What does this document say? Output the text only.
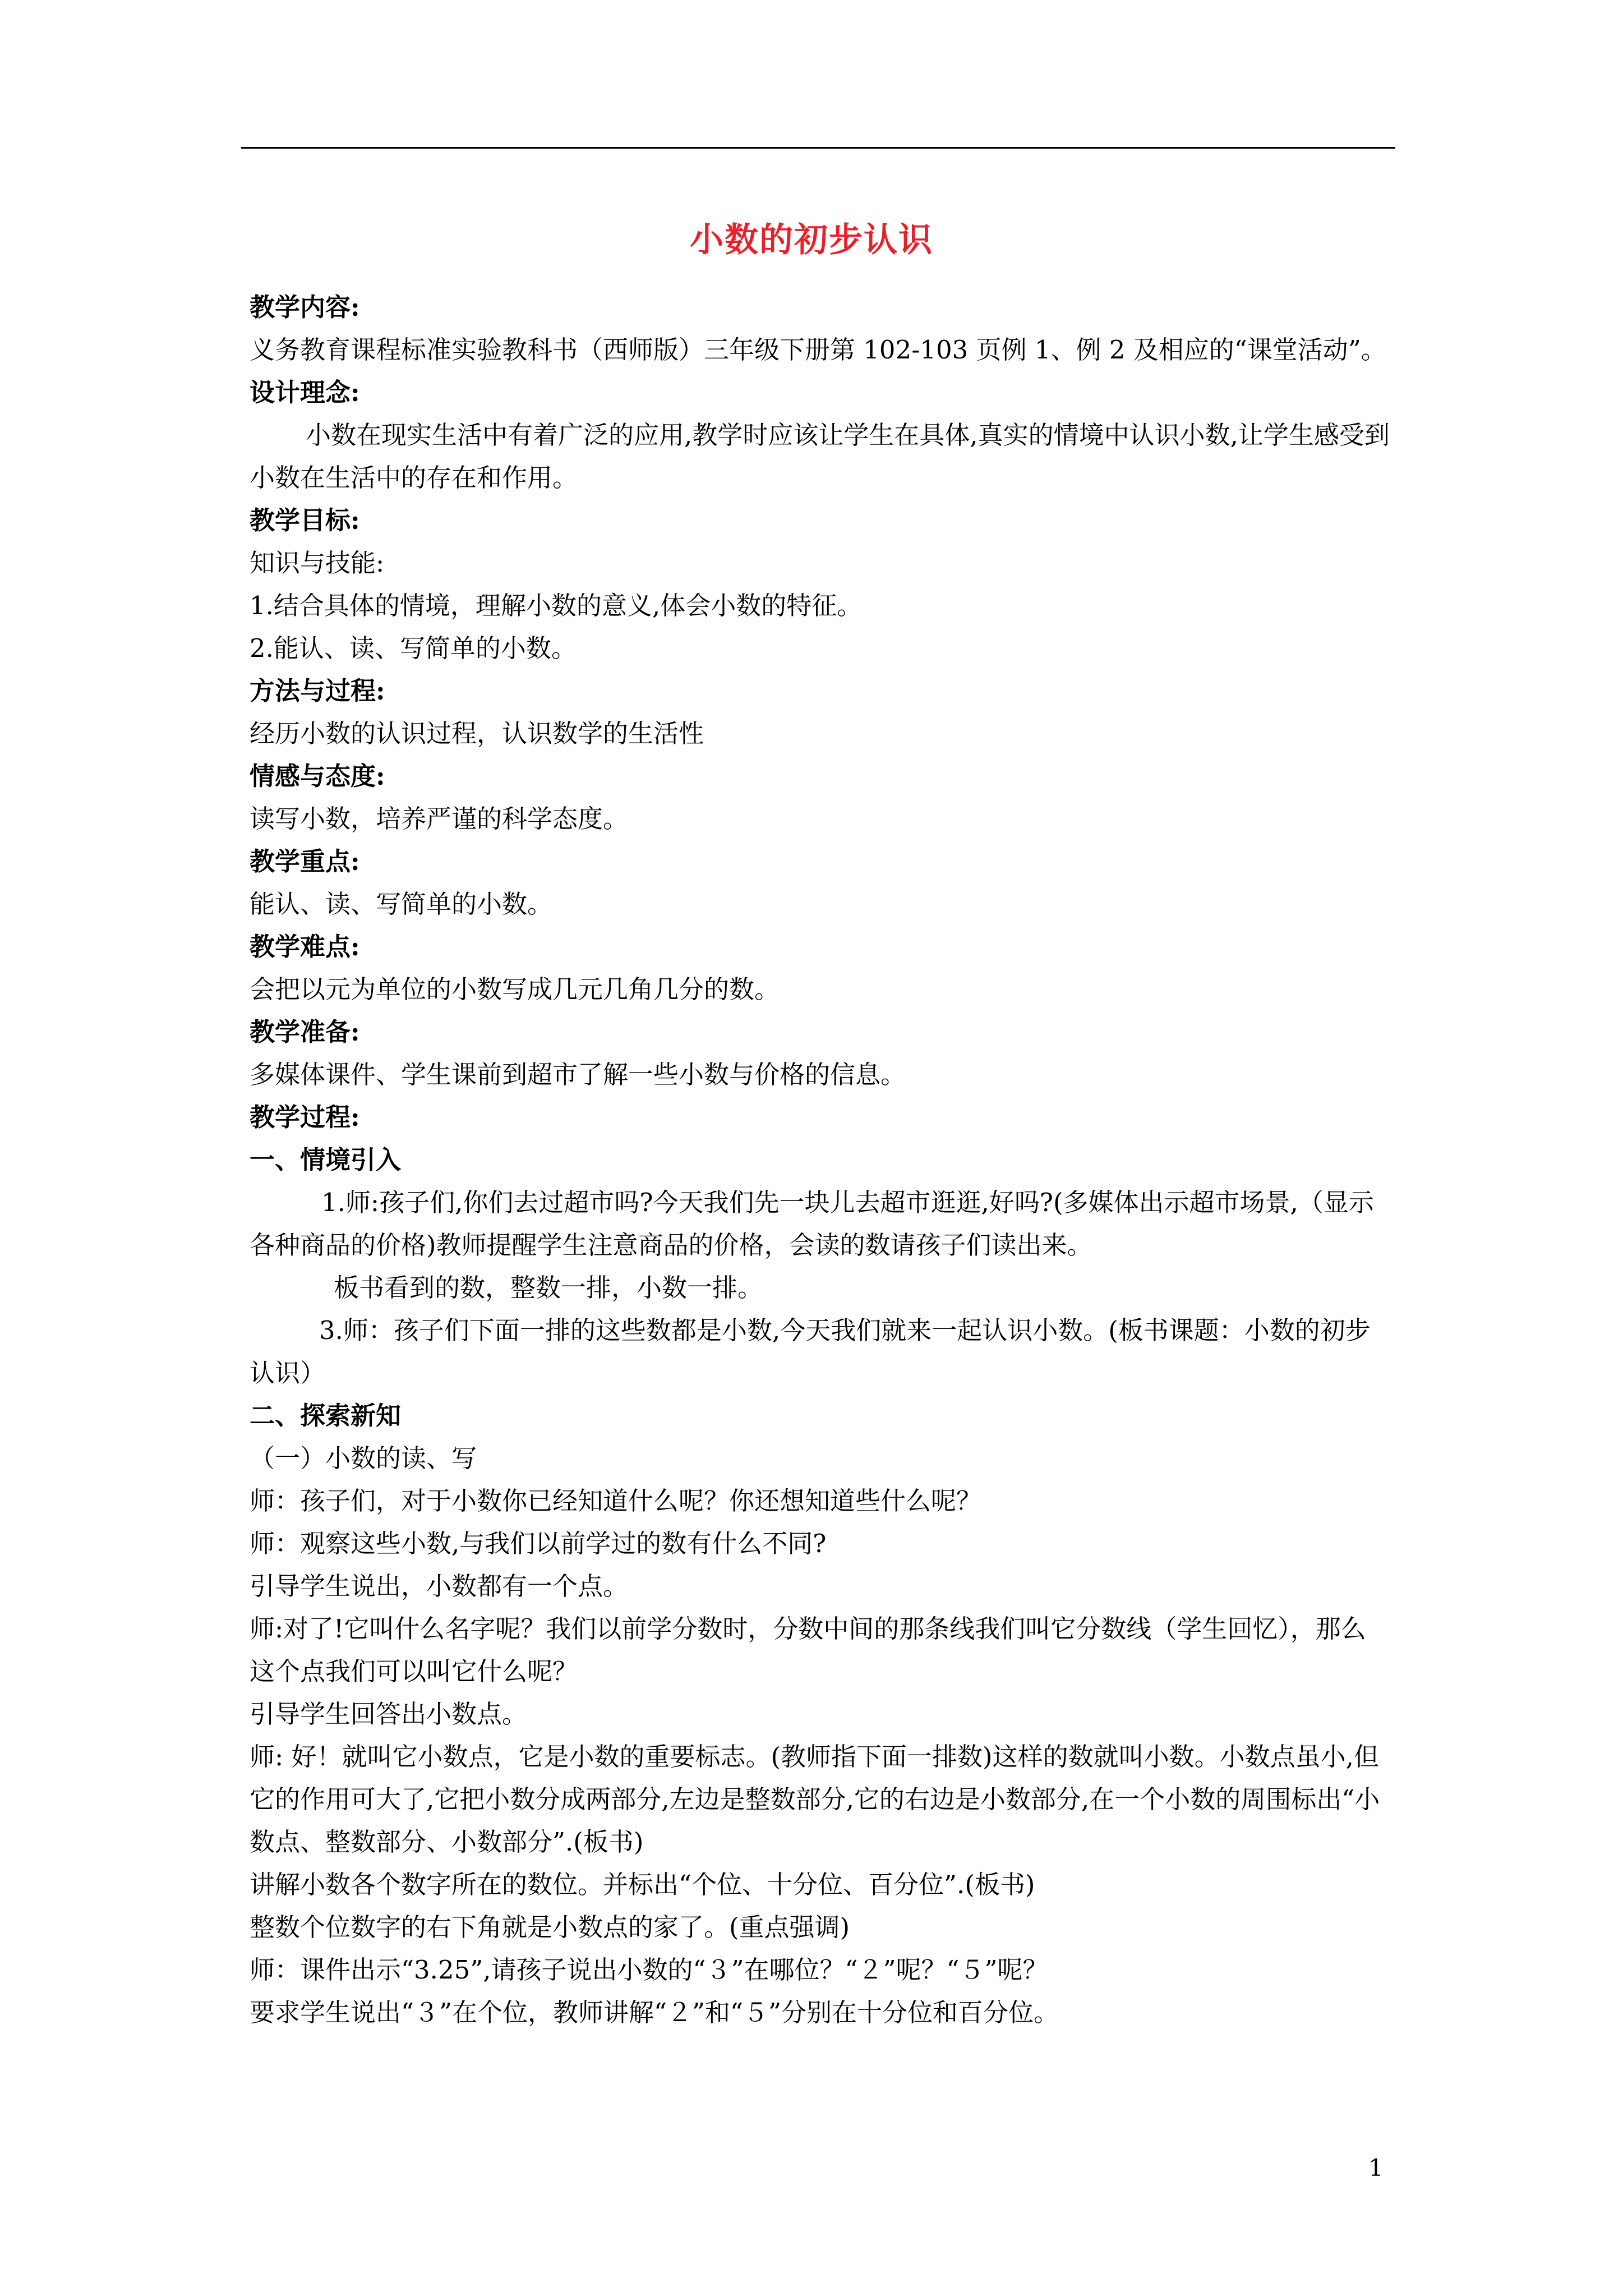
小数的初步认识

教学内容:

义务教育课程标准实验教科书（西师版）三年级下册第 102-103 页例 1、例 2 及相应的“课堂活动”。

设计理念:

小数在现实生活中有着广泛的应用,教学时应该让学生在具体,真实的情境中认识小数,让学生感受到小数在生活中的存在和作用。

教学目标:

知识与技能:

1.结合具体的情境，理解小数的意义,体会小数的特征。

2.能认、读、写简单的小数。

方法与过程:

经历小数的认识过程，认识数学的生活性

情感与态度:

读写小数，培养严谨的科学态度。

教学重点:

能认、读、写简单的小数。

教学难点:

会把以元为单位的小数写成几元几角几分的数。

教学准备:

多媒体课件、学生课前到超市了解一些小数与价格的信息。

教学过程:

一、情境引入

1.师:孩子们,你们去过超市吗?今天我们先一块儿去超市逛逛,好吗?(多媒体出示超市场景,（显示各种商品的价格)教师提醒学生注意商品的价格，会读的数请孩子们读出来。

板书看到的数，整数一排，小数一排。

3.师：孩子们下面一排的这些数都是小数,今天我们就来一起认识小数。(板书课题：小数的初步认识）

二、探索新知

（一）小数的读、写

师：孩子们，对于小数你已经知道什么呢？你还想知道些什么呢？

师：观察这些小数,与我们以前学过的数有什么不同?

引导学生说出，小数都有一个点。

师:对了!它叫什么名字呢？我们以前学分数时，分数中间的那条线我们叫它分数线（学生回忆），那么这个点我们可以叫它什么呢？

引导学生回答出小数点。

师: 好！就叫它小数点，它是小数的重要标志。(教师指下面一排数)这样的数就叫小数。小数点虽小,但它的作用可大了,它把小数分成两部分,左边是整数部分,它的右边是小数部分,在一个小数的周围标出“小数点、整数部分、小数部分”.(板书)

讲解小数各个数字所在的数位。并标出“个位、十分位、百分位”.(板书)

整数个位数字的右下角就是小数点的家了。(重点强调)

师：课件出示“3.25”,请孩子说出小数的“３”在哪位？“２”呢？“５”呢？

要求学生说出“３”在个位，教师讲解“２”和“５”分别在十分位和百分位。

1
